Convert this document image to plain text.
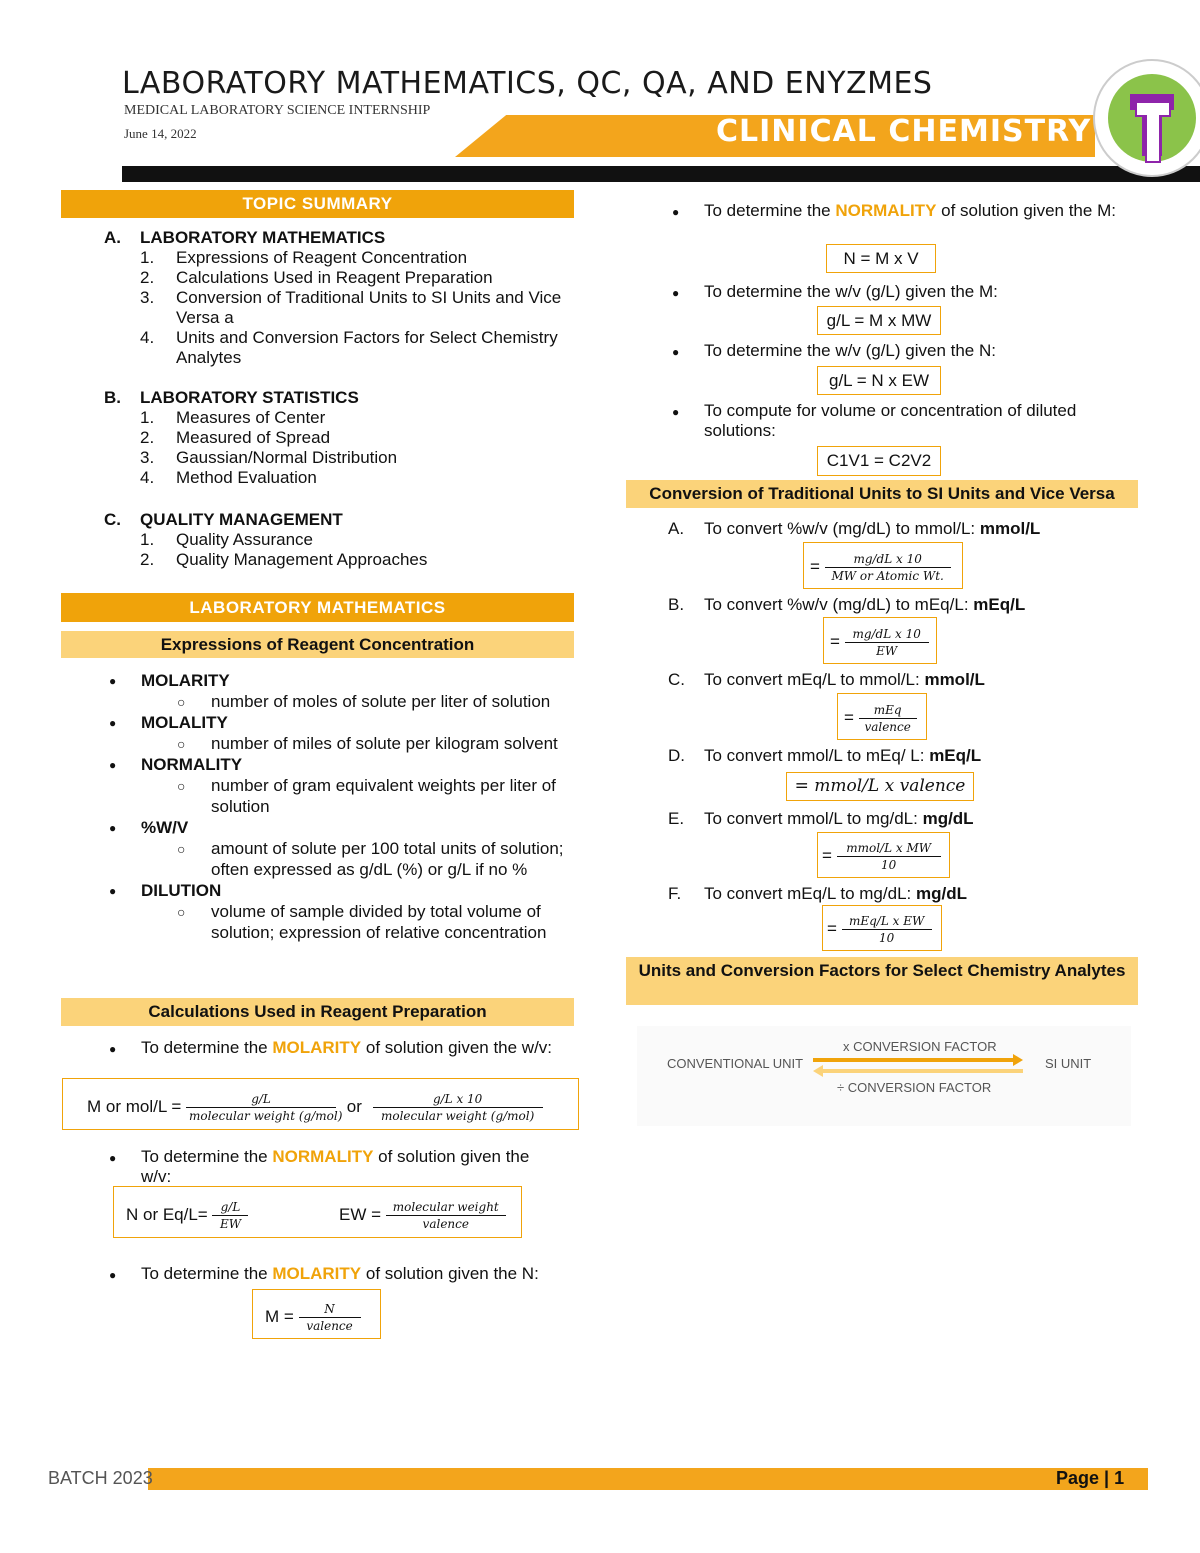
LABORATORY MATHEMATICS, QC, QA, AND ENYZMES
MEDICAL LABORATORY SCIENCE INTERNSHIP
June 14, 2022	CLINICAL CHEMISTRY
TOPIC SUMMARY
A. LABORATORY MATHEMATICS
1. Expressions of Reagent Concentration
2. Calculations Used in Reagent Preparation
3. Conversion of Traditional Units to SI Units and Vice Versa a
4. Units and Conversion Factors for Select Chemistry Analytes
B. LABORATORY STATISTICS
1. Measures of Center
2. Measured of Spread
3. Gaussian/Normal Distribution
4. Method Evaluation
C. QUALITY MANAGEMENT
1. Quality Assurance
2. Quality Management Approaches
LABORATORY MATHEMATICS
Expressions of Reagent Concentration
● MOLARITY
number of moles of solute per liter of solution
● MOLALITY
number of miles of solute per kilogram solvent
● NORMALITY
number of gram equivalent weights per liter of solution
● %W/V
amount of solute per 100 total units of solution; often expressed as g/dL (%) or g/L if no %
● DILUTION
volume of sample divided by total volume of solution; expression of relative concentration
Calculations Used in Reagent Preparation
● To determine the MOLARITY of solution given the w/v:
M or $mol/L = \frac{g/L}{\text{molecular weight (g/mol)}}$ or $\frac{\text{g/L x 10}}{\text{molecular weight (g/mol)}}$
● To determine the NORMALITY of solution given the w/v:
N or $Eq/L= \frac{g/L}{EW}$	EW = $\frac{\text{molecular weight}}{\text{valence}}$
● To determine the MOLARITY of solution given the N:
$M = \frac{N}{\text{valence}}$
● To determine the NORMALITY of solution given the M:
N = M x V
● To determine the w/v (g/L) given the M:
g/L = M x MW
● To determine the w/v (g/L) given the N:
g/L = N x EW
● To compute for volume or concentration of diluted solutions:
C1V1 = C2V2
Conversion of Traditional Units to SI Units and Vice Versa
A. To convert %w/v (mg/dL) to mmol/L: mmol/L
= $\frac{\text{mg/dL x 10}}{\text{MW or Atomic Wt.}}$
B. To convert %w/v (mg/dL) to mEq/L: mEq/L
= $\frac{\text{mg/dL x 10}}{EW}$
C. To convert mEq/L to mmol/L: mmol/L
= $\frac{\text{mEq}}{\text{valence}}$
D. To convert mmol/L to mEq/ L: mEq/L
= mmol/L x valence
E. To convert mmol/L to mg/dL: mg/dL
= $\frac{\text{mmol/L x MW}}{10}$
F. To convert mEq/L to mg/dL: mg/dL
= $\frac{\text{mEq/L x EW}}{10}$
Units and Conversion Factors for Select Chemistry Analytes
CONVENTIONAL UNIT	SI UNIT
x CONVERSION FACTOR
÷ CONVERSION FACTOR
BATCH 2023	Page | 1
